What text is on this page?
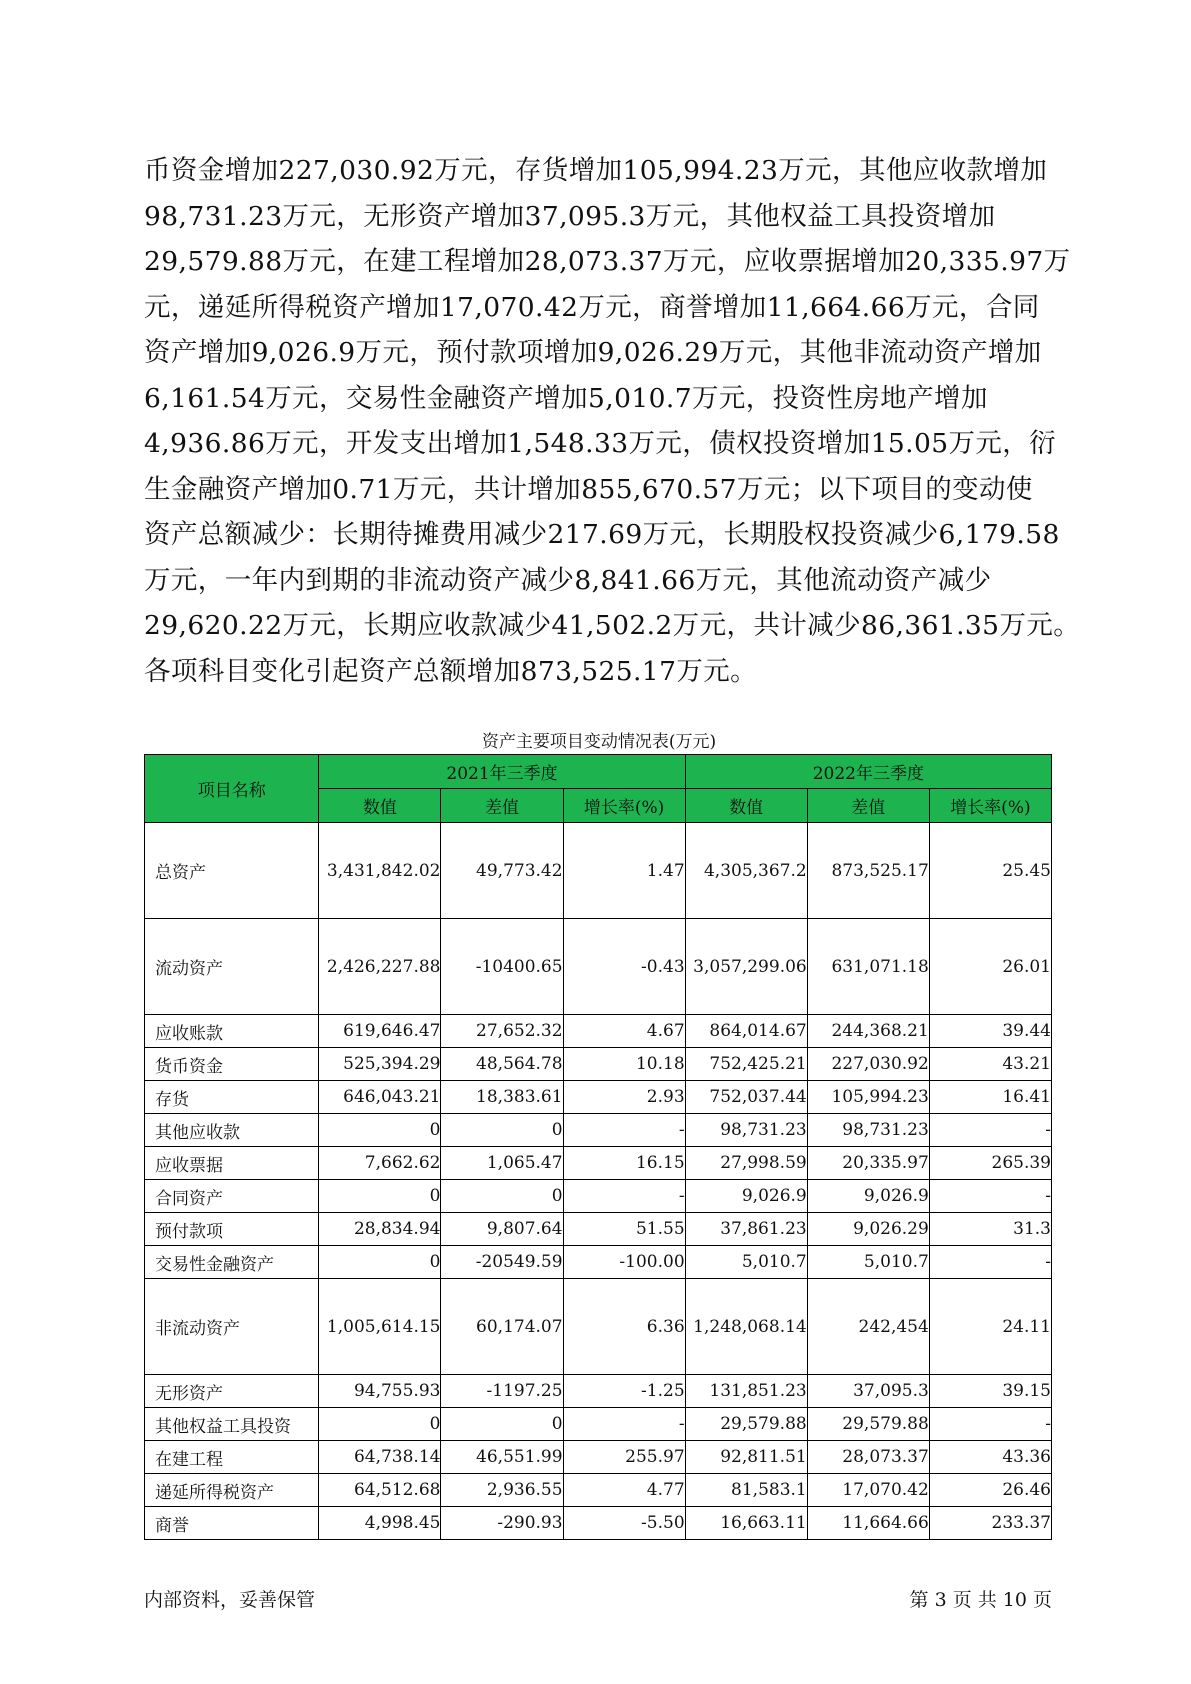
币资金增加227,030.92万元，存货增加105,994.23万元，其他应收款增加
98,731.23万元，无形资产增加37,095.3万元，其他权益工具投资增加
29,579.88万元，在建工程增加28,073.37万元，应收票据增加20,335.97万
元，递延所得税资产增加17,070.42万元，商誉增加11,664.66万元，合同
资产增加9,026.9万元，预付款项增加9,026.29万元，其他非流动资产增加
6,161.54万元，交易性金融资产增加5,010.7万元，投资性房地产增加
4,936.86万元，开发支出增加1,548.33万元，债权投资增加15.05万元，衍
生金融资产增加0.71万元，共计增加855,670.57万元；以下项目的变动使
资产总额减少：长期待摊费用减少217.69万元，长期股权投资减少6,179.58
万元，一年内到期的非流动资产减少8,841.66万元，其他流动资产减少
29,620.22万元，长期应收款减少41,502.2万元，共计减少86,361.35万元。
各项科目变化引起资产总额增加873,525.17万元。
资产主要项目变动情况表(万元)
项目名称	2021年三季度			2022年三季度		
	数值	差值	增长率(%)	数值	差值	增长率(%)
总资产	3,431,842.02	49,773.42	1.47	4,305,367.2	873,525.17	25.45

流动资产	2,426,227.88	-10400.65	-0.43	3,057,299.06	631,071.18	26.01

应收账款	619,646.47	27,652.32	4.67	864,014.67	244,368.21	39.44
货币资金	525,394.29	48,564.78	10.18	752,425.21	227,030.92	43.21
存货	646,043.21	18,383.61	2.93	752,037.44	105,994.23	16.41
其他应收款	0	0	-	98,731.23	98,731.23	-
应收票据	7,662.62	1,065.47	16.15	27,998.59	20,335.97	265.39
合同资产	0	0	-	9,026.9	9,026.9	-
预付款项	28,834.94	9,807.64	51.55	37,861.23	9,026.29	31.3
交易性金融资产	0	-20549.59	-100.00	5,010.7	5,010.7	-
非流动资产	1,005,614.15	60,174.07	6.36	1,248,068.14	242,454	24.11

无形资产	94,755.93	-1197.25	-1.25	131,851.23	37,095.3	39.15
其他权益工具投资	0	0	-	29,579.88	29,579.88	-
在建工程	64,738.14	46,551.99	255.97	92,811.51	28,073.37	43.36
递延所得税资产	64,512.68	2,936.55	4.77	81,583.1	17,070.42	26.46
商誉	4,998.45	-290.93	-5.50	16,663.11	11,664.66	233.37
内部资料，妥善保管	第 3 页 共 10 页
